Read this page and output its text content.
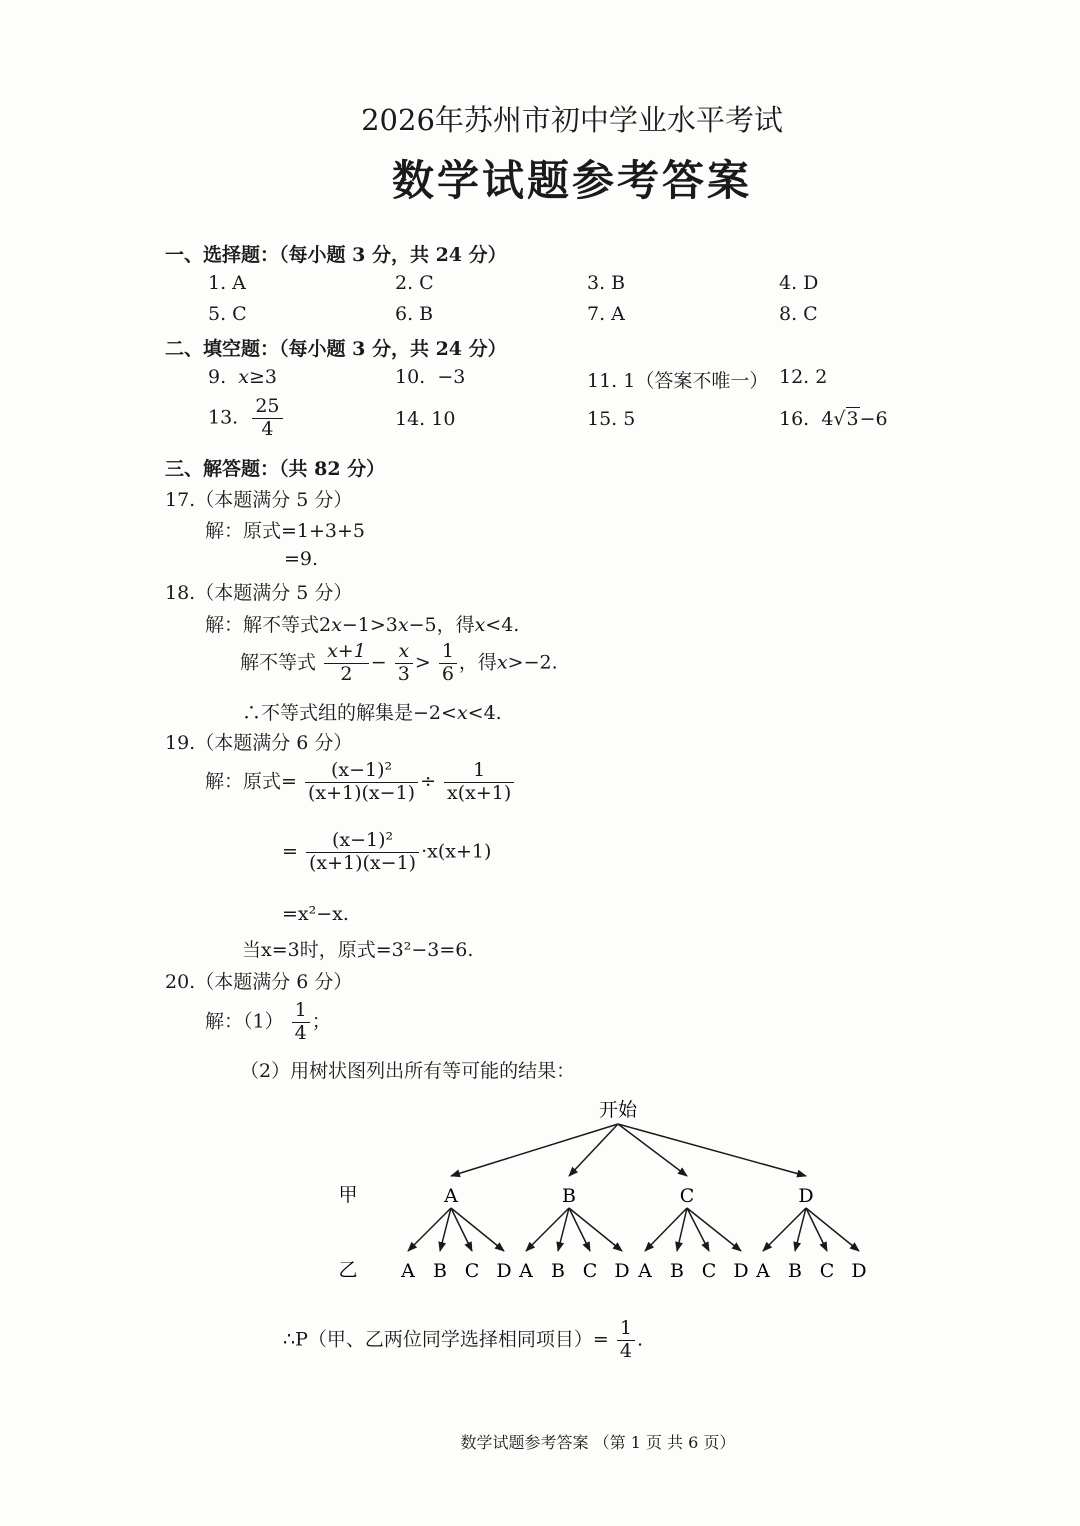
2026年苏州市初中学业水平考试
数学试题参考答案
一、选择题：（每小题 3 分，共 24 分）
1. A	2. C	3. B	4. D
5. C	6. B	7. A	8. C
二、填空题：（每小题 3 分，共 24 分）
9. x≥3	10. −3	11. 1（答案不唯一） 12. 2
13. $\frac{25}{4}$	14. 10	15. 5	16. 4√3−6
三、解答题：（共 82 分）
17.（本题满分 5 分）
解：原式=1+3+5
=9.
18.（本题满分 5 分）
解：解不等式2x−1>3x−5，得x<4.
解不等式 $\frac{x+1}{2} - \frac{x}{3} > \frac{1}{6}$ ，得x>−2.
∴不等式组的解集是−2<x<4.
19.（本题满分 6 分）
解：原式= $\frac{\text{(x−1)²}}{(x+1)(x-1)} \div \frac{1}{x(x+1)}$
= $\frac{\text{(x−1)²}}{(x+1)(x-1)} \cdot x(x+1)$
=x²−x.
当x=3时，原式=3²−3=6.
20.（本题满分 6 分）
解：$(1) \frac{1}{4}$ ；
（2）用树状图列出所有等可能的结果：
开始
甲
乙
A
A B C D
B
A B C D
C
A B C D
D
A B C D
∴P（甲、乙两位同学选择相同项目）= $\frac{1}{4}$ .
数学试题参考答案 （第 1 页 共 6 页）
